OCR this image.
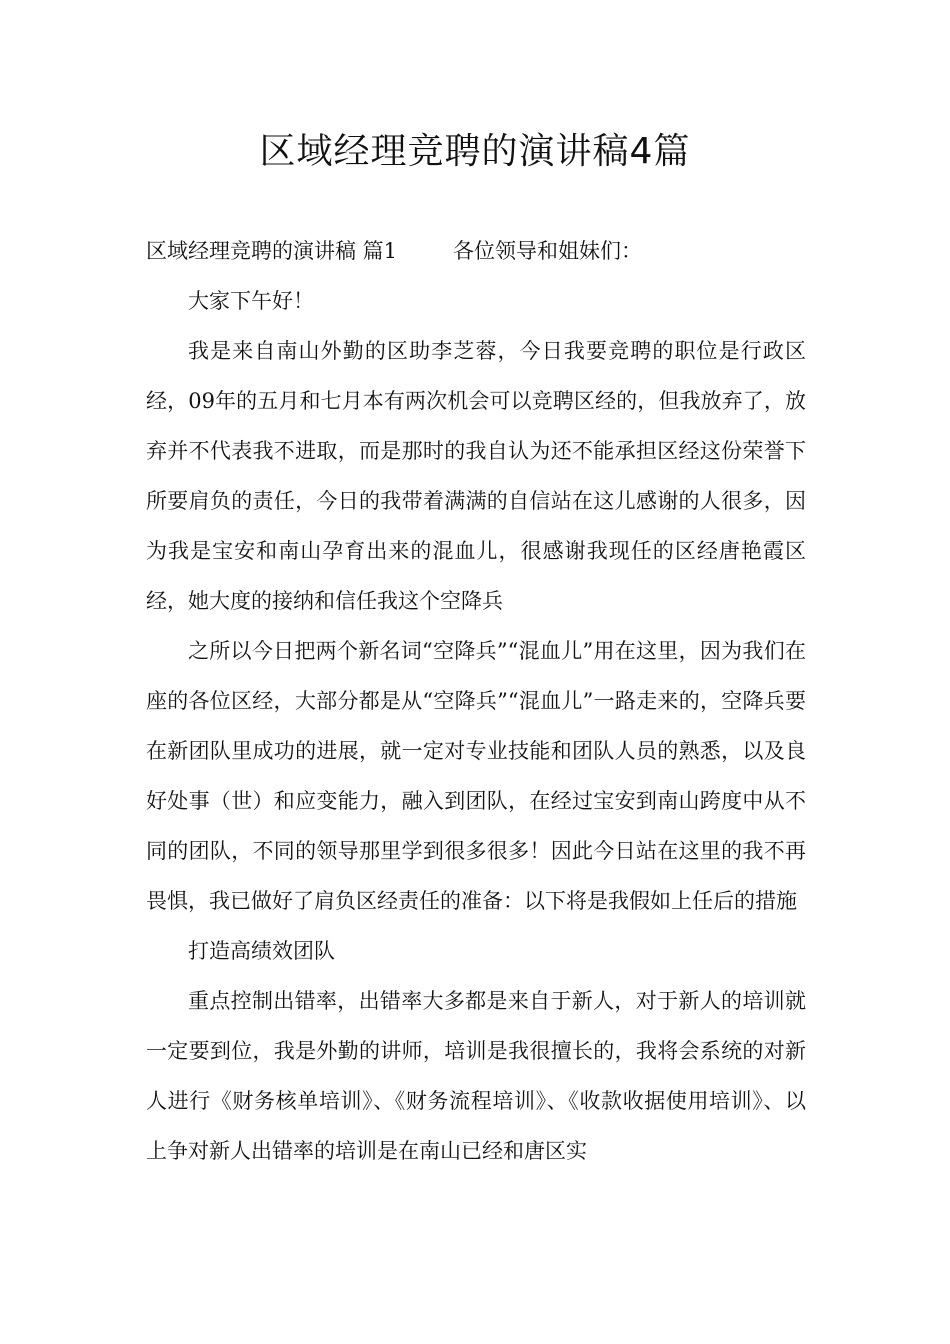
区域经理竞聘的演讲稿4篇

区域经理竞聘的演讲稿 篇1	各位领导和姐妹们：

大家下午好！

我是来自南山外勤的区助李芝蓉，今日我要竞聘的职位是行政区经，09年的五月和七月本有两次机会可以竞聘区经的，但我放弃了，放弃并不代表我不进取，而是那时的我自认为还不能承担区经这份荣誉下所要肩负的责任，今日的我带着满满的自信站在这儿感谢的人很多，因为我是宝安和南山孕育出来的混血儿，很感谢我现任的区经唐艳霞区经，她大度的接纳和信任我这个空降兵

之所以今日把两个新名词“空降兵”“混血儿”用在这里，因为我们在座的各位区经，大部分都是从“空降兵”“混血儿”一路走来的，空降兵要在新团队里成功的进展，就一定对专业技能和团队人员的熟悉，以及良好处事（世）和应变能力，融入到团队，在经过宝安到南山跨度中从不同的团队，不同的领导那里学到很多很多！因此今日站在这里的我不再畏惧，我已做好了肩负区经责任的准备：以下将是我假如上任后的措施

打造高绩效团队

重点控制出错率，出错率大多都是来自于新人，对于新人的培训就一定要到位，我是外勤的讲师，培训是我很擅长的，我将会系统的对新人进行《财务核单培训》、《财务流程培训》、《收款收据使用培训》、以上争对新人出错率的培训是在南山已经和唐区实
